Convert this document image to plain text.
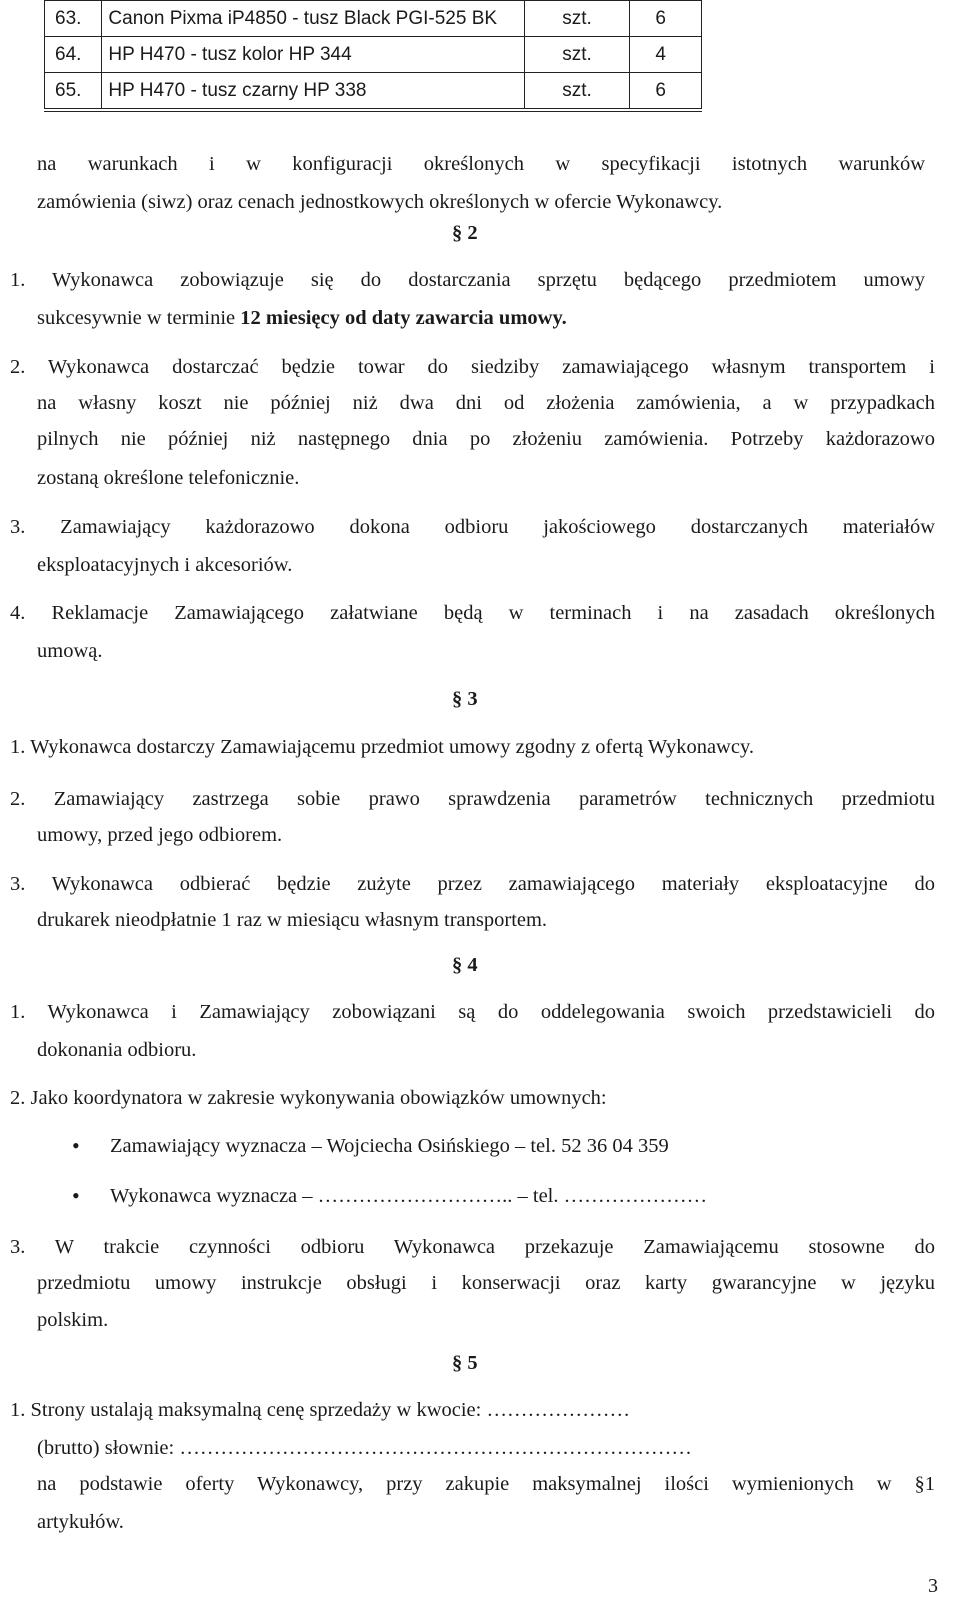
63.	Canon Pixma iP4850 - tusz Black PGI-525 BK	szt.	6
64.	HP H470 - tusz kolor HP 344	szt.	4
65.	HP H470 - tusz czarny HP 338	szt.	6
na warunkach i w konfiguracji określonych w specyfikacji istotnych warunków
zamówienia (siwz) oraz cenach jednostkowych określonych w ofercie Wykonawcy.
§ 2
1. Wykonawca zobowiązuje się do dostarczania sprzętu będącego przedmiotem umowy
sukcesywnie w terminie 12 miesięcy od daty zawarcia umowy.
2. Wykonawca dostarczać będzie towar do siedziby zamawiającego własnym transportem i
na własny koszt nie później niż dwa dni od złożenia zamówienia, a w przypadkach
pilnych nie później niż następnego dnia po złożeniu zamówienia. Potrzeby każdorazowo
zostaną określone telefonicznie.
3. Zamawiający każdorazowo dokona odbioru jakościowego dostarczanych materiałów
eksploatacyjnych i akcesoriów.
4. Reklamacje Zamawiającego załatwiane będą w terminach i na zasadach określonych
umową.
§ 3
1. Wykonawca dostarczy Zamawiającemu przedmiot umowy zgodny z ofertą Wykonawcy.
2. Zamawiający zastrzega sobie prawo sprawdzenia parametrów technicznych przedmiotu
umowy, przed jego odbiorem.
3. Wykonawca odbierać będzie zużyte przez zamawiającego materiały eksploatacyjne do
drukarek nieodpłatnie 1 raz w miesiącu własnym transportem.
§ 4
1. Wykonawca i Zamawiający zobowiązani są do oddelegowania swoich przedstawicieli do
dokonania odbioru.
2. Jako koordynatora w zakresie wykonywania obowiązków umownych:
• Zamawiający wyznacza – Wojciecha Osińskiego – tel. 52 36 04 359
• Wykonawca wyznacza – ……………………….. – tel. …………………
3. W trakcie czynności odbioru Wykonawca przekazuje Zamawiającemu stosowne do
przedmiotu umowy instrukcje obsługi i konserwacji oraz karty gwarancyjne w języku
polskim.
§ 5
1. Strony ustalają maksymalną cenę sprzedaży w kwocie: …………………
(brutto) słownie: …………………………………………………………………
na podstawie oferty Wykonawcy, przy zakupie maksymalnej ilości wymienionych w §1
artykułów.
3
